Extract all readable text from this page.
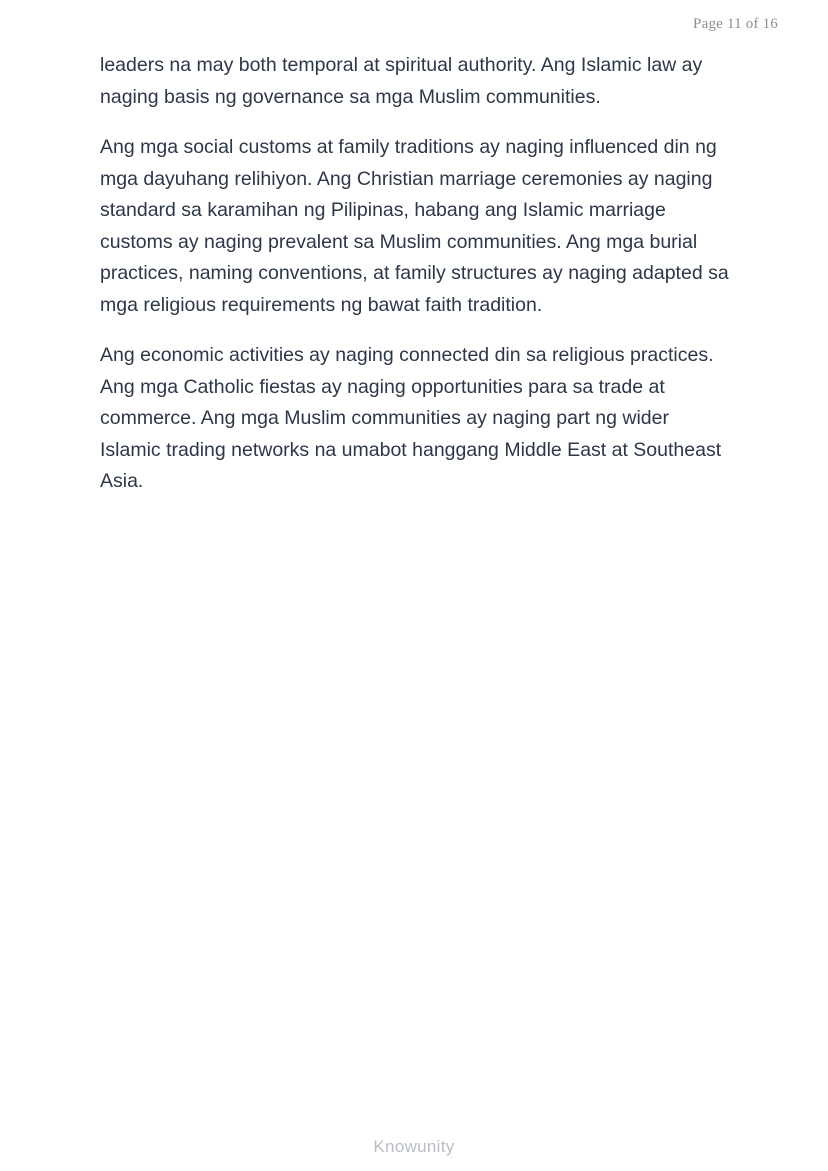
Page 11 of 16

leaders na may both temporal at spiritual authority. Ang Islamic law ay naging basis ng governance sa mga Muslim communities.

Ang mga social customs at family traditions ay naging influenced din ng mga dayuhang relihiyon. Ang Christian marriage ceremonies ay naging standard sa karamihan ng Pilipinas, habang ang Islamic marriage customs ay naging prevalent sa Muslim communities. Ang mga burial practices, naming conventions, at family structures ay naging adapted sa mga religious requirements ng bawat faith tradition.

Ang economic activities ay naging connected din sa religious practices. Ang mga Catholic fiestas ay naging opportunities para sa trade at commerce. Ang mga Muslim communities ay naging part ng wider Islamic trading networks na umabot hanggang Middle East at Southeast Asia.

Knowunity
